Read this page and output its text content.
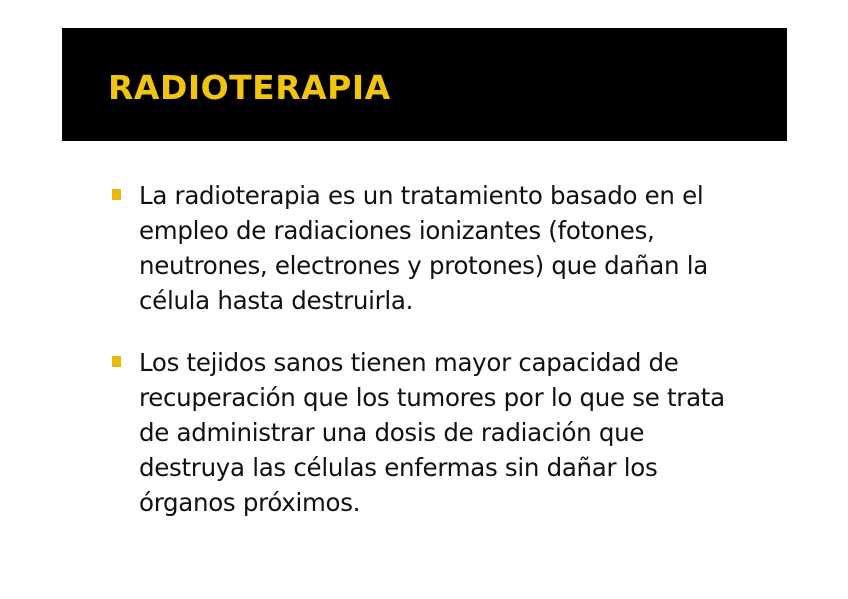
RADIOTERAPIA
La radioterapia es un tratamiento basado en el empleo de radiaciones ionizantes (fotones, neutrones, electrones y protones) que dañan la célula hasta destruirla.
Los tejidos sanos tienen mayor capacidad de recuperación que los tumores por lo que se trata de administrar una dosis de radiación que destruya las células enfermas sin dañar los órganos próximos.
